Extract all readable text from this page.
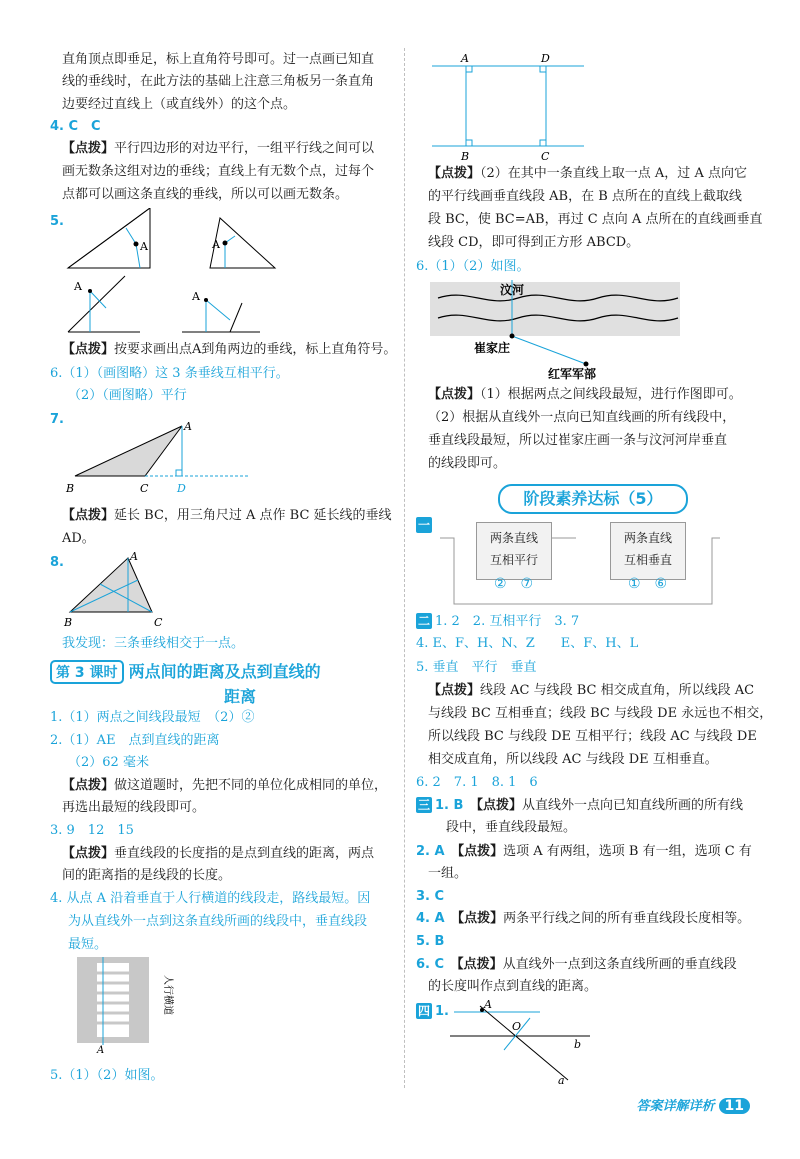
直角顶点即垂足，标上直角符号即可。过一点画已知直
线的垂线时，在此方法的基础上注意三角板另一条直角
边要经过直线上（或直线外）的这个点。
4. C　C
【点拨】平行四边形的对边平行，一组平行线之间可以
画无数条这组对边的垂线；直线上有无数个点，过每个
点都可以画这条直线的垂线，所以可以画无数条。
5.
A	A
A
A
【点拨】按要求画出点A到角两边的垂线，标上直角符号。
6.（1）（画图略）这 3 条垂线互相平行。
（2）（画图略）平行
7.	A
B	C	D
【点拨】延长 BC，用三角尺过 A 点作 BC 延长线的垂线
AD。
8.	A
B	C
我发现：三条垂线相交于一点。
第 3 课时 两点间的距离及点到直线的
距离
1.（1）两点之间线段最短　（2）②
2.（1）AE　点到直线的距离
（2）62 毫米
【点拨】做这道题时，先把不同的单位化成相同的单位，
再选出最短的线段即可。
3. 9　12　15
【点拨】垂直线段的长度指的是点到直线的距离，两点
间的距离指的是线段的长度。
4. 从点 A 沿着垂直于人行横道的线段走，路线最短。因
为从直线外一点到这条直线所画的线段中，垂直线段
最短。
A
人行横道
5.（1）（2）如图。
A	D
B	C
【点拨】（2）在其中一条直线上取一点 A，过 A 点向它
的平行线画垂直线段 AB，在 B 点所在的直线上截取线
段 BC，使 BC=AB，再过 C 点向 A 点所在的直线画垂直
线段 CD，即可得到正方形 ABCD。
6.（1）（2）如图。
汶河
崔家庄
红军军部
【点拨】（1）根据两点之间线段最短，进行作图即可。
（2）根据从直线外一点向已知直线画的所有线段中，
垂直线段最短，所以过崔家庄画一条与汶河河岸垂直
的线段即可。
阶段素养达标（5）
一
两条直线
互相平行
②　⑦
两条直线
互相垂直
①　⑥
二 1. 2　2. 互相平行　3. 7
4. E、F、H、N、Z　　E、F、H、L
5. 垂直　平行　垂直
【点拨】线段 AC 与线段 BC 相交成直角，所以线段 AC
与线段 BC 互相垂直；线段 BC 与线段 DE 永远也不相交，
所以线段 BC 与线段 DE 互相平行；线段 AC 与线段 DE
相交成直角，所以线段 AC 与线段 DE 互相垂直。
6. 2　7. 1　8. 1　6
三 1. B　 【点拨】从直线外一点向已知直线所画的所有线
段中，垂直线段最短。
2. A　 【点拨】选项 A 有两组，选项 B 有一组，选项 C 有
一组。
3. C
4. A　 【点拨】两条平行线之间的所有垂直线段长度相等。
5. B
6. C　 【点拨】从直线外一点到这条直线所画的垂直线段
的长度叫作点到直线的距离。
四 1.	A
O
b
a
答案详解详析 11
